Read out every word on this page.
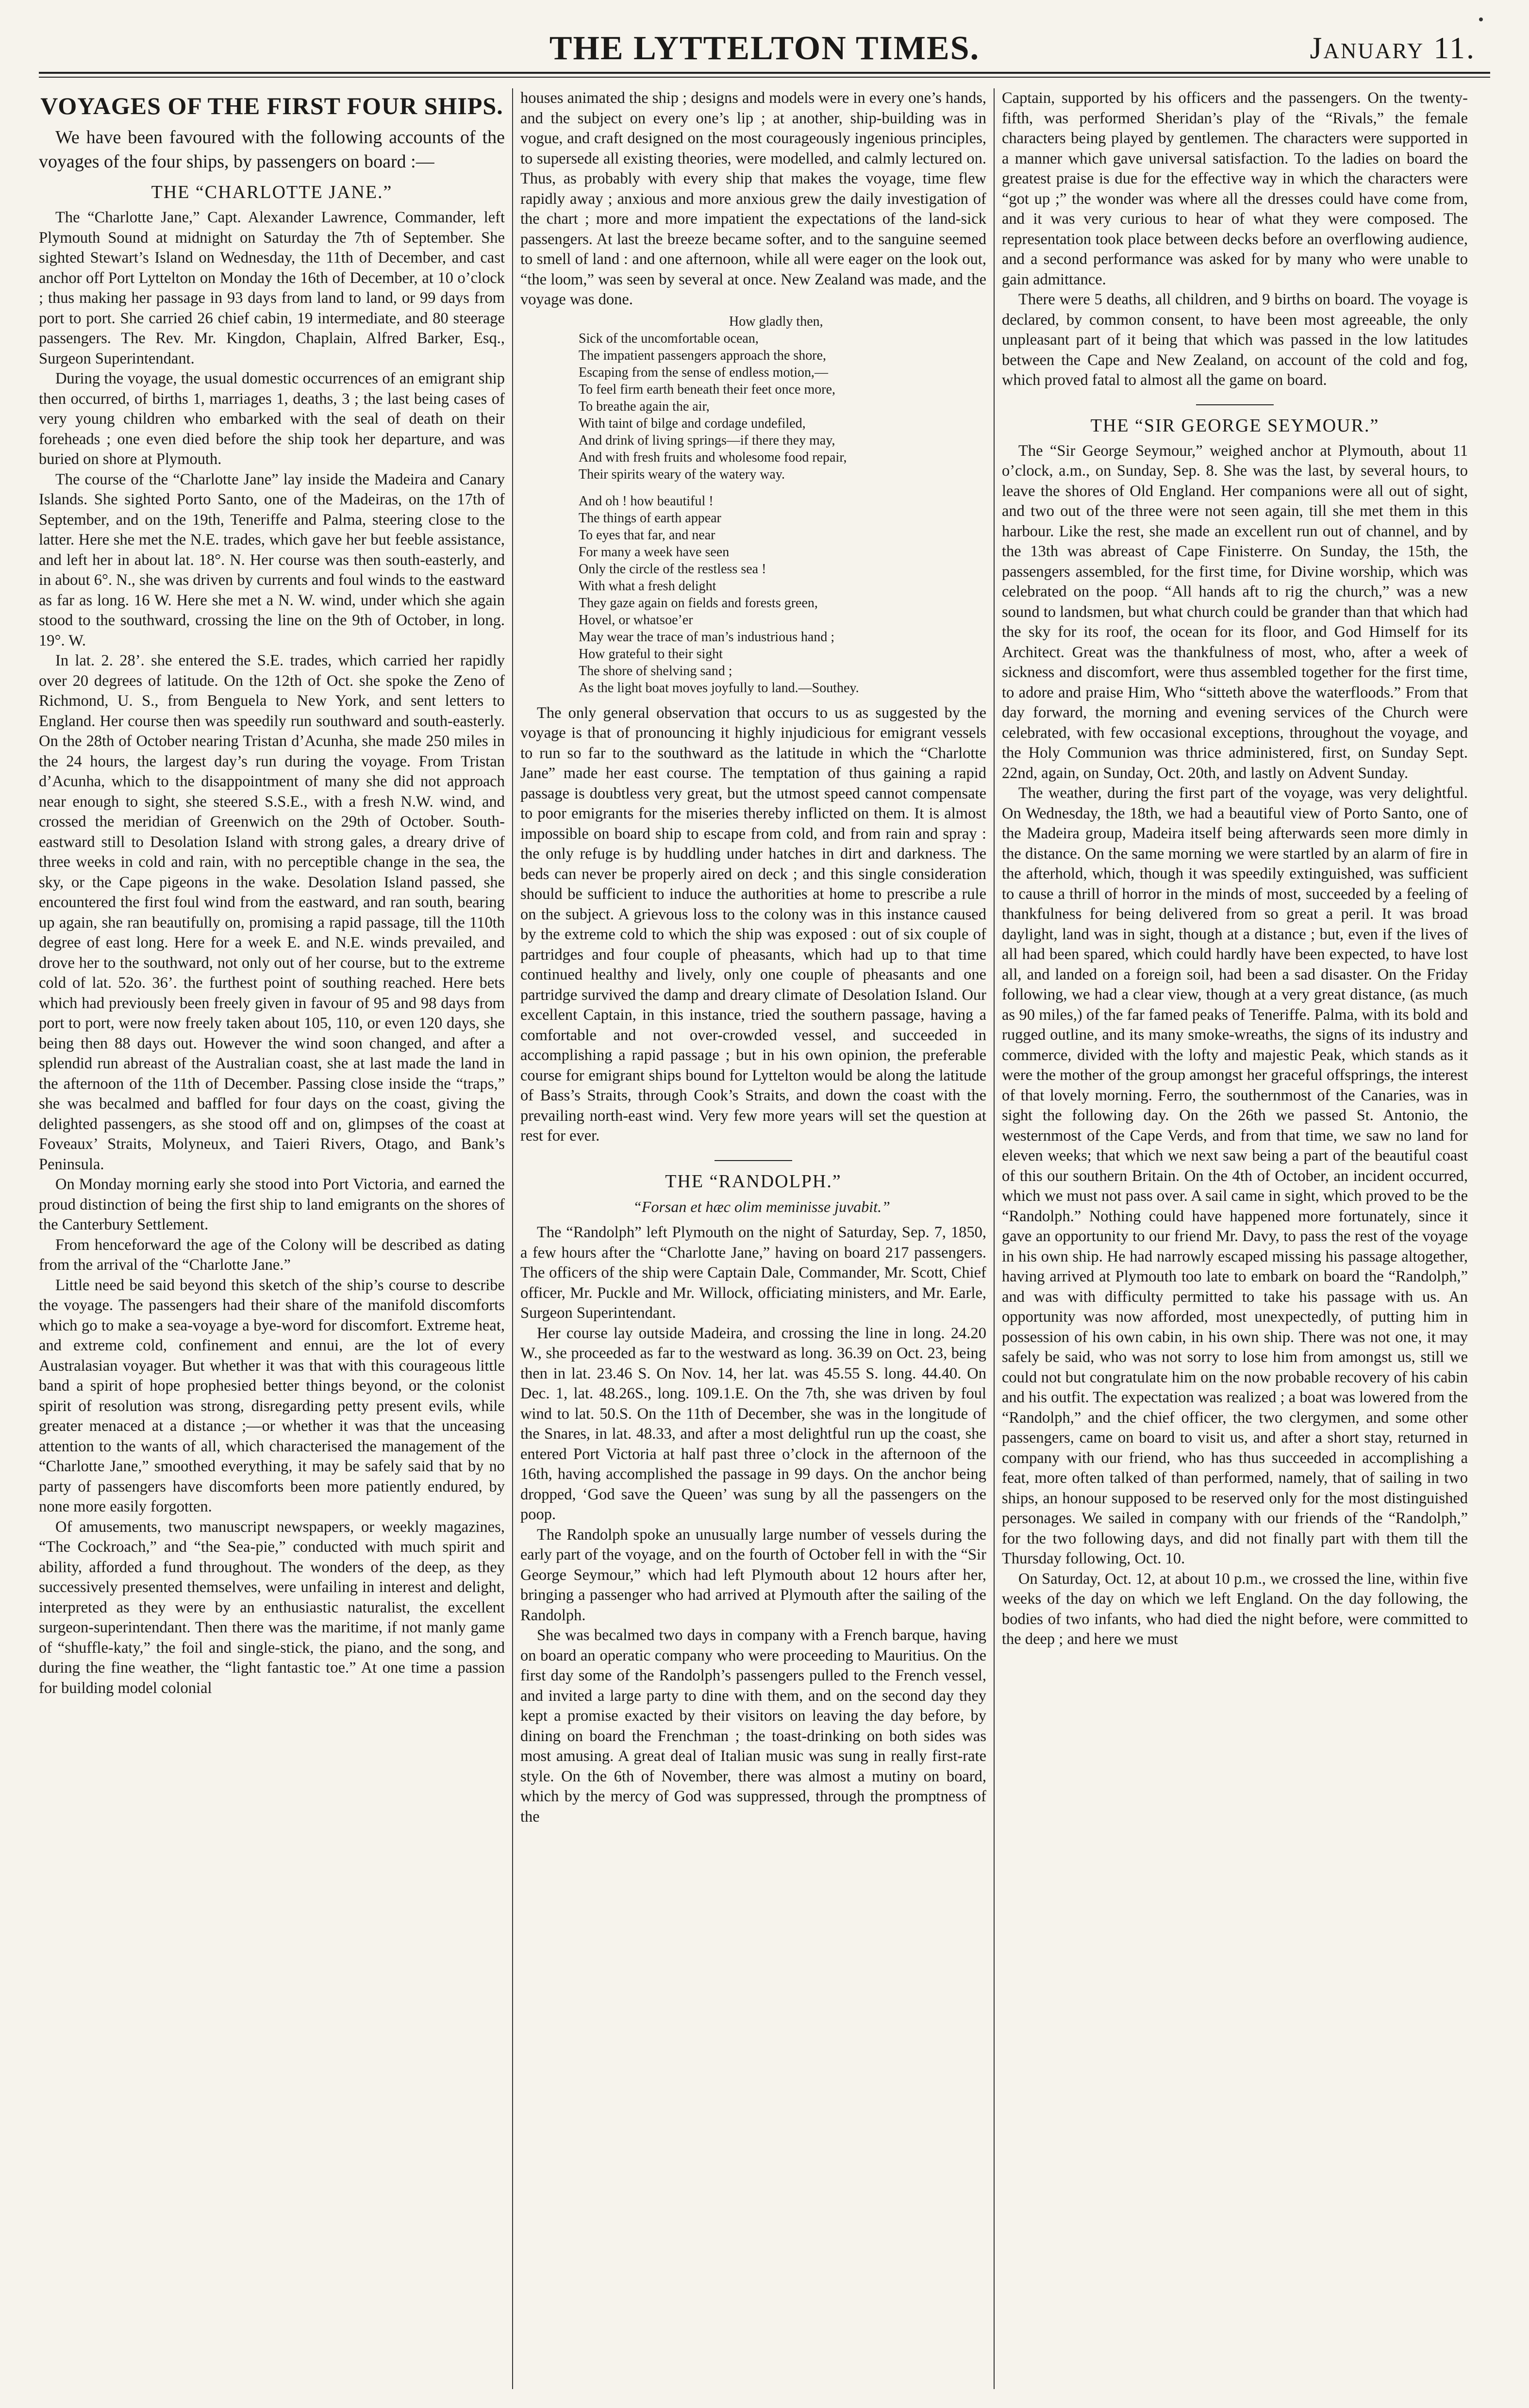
THE LYTTELTON TIMES.	January 11.
VOYAGES OF THE FIRST FOUR SHIPS.

We have been favoured with the following accounts of the voyages of the four ships, by passengers on board :—

THE “CHARLOTTE JANE.”

The “Charlotte Jane,” Capt. Alexander Lawrence, Commander, left Plymouth Sound at midnight on Saturday the 7th of September. She sighted Stewart’s Island on Wednesday, the 11th of December, and cast anchor off Port Lyttelton on Monday the 16th of December, at 10 o’clock ; thus making her passage in 93 days from land to land, or 99 days from port to port. She carried 26 chief cabin, 19 intermediate, and 80 steerage passengers. The Rev. Mr. Kingdon, Chaplain, Alfred Barker, Esq., Surgeon Superintendant.

During the voyage, the usual domestic occurrences of an emigrant ship then occurred, of births 1, marriages 1, deaths, 3 ; the last being cases of very young children who embarked with the seal of death on their foreheads ; one even died before the ship took her departure, and was buried on shore at Plymouth.

The course of the “Charlotte Jane” lay inside the Madeira and Canary Islands. She sighted Porto Santo, one of the Madeiras, on the 17th of September, and on the 19th, Teneriffe and Palma, steering close to the latter. Here she met the N.E. trades, which gave her but feeble assistance, and left her in about lat. 18°. N. Her course was then south-easterly, and in about 6°. N., she was driven by currents and foul winds to the eastward as far as long. 16 W. Here she met a N. W. wind, under which she again stood to the southward, crossing the line on the 9th of October, in long. 19°. W.

In lat. 2. 28’. she entered the S.E. trades, which carried her rapidly over 20 degrees of latitude. On the 12th of Oct. she spoke the Zeno of Richmond, U. S., from Benguela to New York, and sent letters to England. Her course then was speedily run southward and south-easterly. On the 28th of October nearing Tristan d’Acunha, she made 250 miles in the 24 hours, the largest day’s run during the voyage. From Tristan d’Acunha, which to the disappointment of many she did not approach near enough to sight, she steered S.S.E., with a fresh N.W. wind, and crossed the meridian of Greenwich on the 29th of October. South-eastward still to Desolation Island with strong gales, a dreary drive of three weeks in cold and rain, with no perceptible change in the sea, the sky, or the Cape pigeons in the wake. Desolation Island passed, she encountered the first foul wind from the eastward, and ran south, bearing up again, she ran beautifully on, promising a rapid passage, till the 110th degree of east long. Here for a week E. and N.E. winds prevailed, and drove her to the southward, not only out of her course, but to the extreme cold of lat. 52o. 36’. the furthest point of southing reached. Here bets which had previously been freely given in favour of 95 and 98 days from port to port, were now freely taken about 105, 110, or even 120 days, she being then 88 days out. However the wind soon changed, and after a splendid run abreast of the Australian coast, she at last made the land in the afternoon of the 11th of December. Passing close inside the “traps,” she was becalmed and baffled for four days on the coast, giving the delighted passengers, as she stood off and on, glimpses of the coast at Foveaux’ Straits, Molyneux, and Taieri Rivers, Otago, and Bank’s Peninsula.

On Monday morning early she stood into Port Victoria, and earned the proud distinction of being the first ship to land emigrants on the shores of the Canterbury Settlement.

From henceforward the age of the Colony will be described as dating from the arrival of the “Charlotte Jane.”

Little need be said beyond this sketch of the ship’s course to describe the voyage. The passengers had their share of the manifold discomforts which go to make a sea-voyage a bye-word for discomfort. Extreme heat, and extreme cold, confinement and ennui, are the lot of every Australasian voyager. But whether it was that with this courageous little band a spirit of hope prophesied better things beyond, or the colonist spirit of resolution was strong, disregarding petty present evils, while greater menaced at a distance ;—or whether it was that the unceasing attention to the wants of all, which characterised the management of the “Charlotte Jane,” smoothed everything, it may be safely said that by no party of passengers have discomforts been more patiently endured, by none more easily forgotten.

Of amusements, two manuscript newspapers, or weekly magazines, “The Cockroach,” and “the Sea-pie,” conducted with much spirit and ability, afforded a fund throughout. The wonders of the deep, as they successively presented themselves, were unfailing in interest and delight, interpreted as they were by an enthusiastic naturalist, the excellent surgeon-superintendant. Then there was the maritime, if not manly game of “shuffle-katy,” the foil and single-stick, the piano, and the song, and during the fine weather, the “light fantastic toe.” At one time a passion for building model colonial

houses animated the ship ; designs and models were in every one’s hands, and the subject on every one’s lip ; at another, ship-building was in vogue, and craft designed on the most courageously ingenious principles, to supersede all existing theories, were modelled, and calmly lectured on. Thus, as probably with every ship that makes the voyage, time flew rapidly away ; anxious and more anxious grew the daily investigation of the chart ; more and more impatient the expectations of the land-sick passengers. At last the breeze became softer, and to the sanguine seemed to smell of land : and one afternoon, while all were eager on the look out, “the loom,” was seen by several at once. New Zealand was made, and the voyage was done.

How gladly then,
Sick of the uncomfortable ocean,
The impatient passengers approach the shore,
Escaping from the sense of endless motion,—
To feel firm earth beneath their feet once more,
To breathe again the air,
With taint of bilge and cordage undefiled,
And drink of living springs—if there they may,
And with fresh fruits and wholesome food repair,
Their spirits weary of the watery way.
And oh ! how beautiful !
The things of earth appear
To eyes that far, and near
For many a week have seen
Only the circle of the restless sea !
With what a fresh delight
They gaze again on fields and forests green,
Hovel, or whatsoe’er
May wear the trace of man’s industrious hand ;
How grateful to their sight
The shore of shelving sand ;
As the light boat moves joyfully to land.—Southey.

The only general observation that occurs to us as suggested by the voyage is that of pronouncing it highly injudicious for emigrant vessels to run so far to the southward as the latitude in which the “Charlotte Jane” made her east course. The temptation of thus gaining a rapid passage is doubtless very great, but the utmost speed cannot compensate to poor emigrants for the miseries thereby inflicted on them. It is almost impossible on board ship to escape from cold, and from rain and spray : the only refuge is by huddling under hatches in dirt and darkness. The beds can never be properly aired on deck ; and this single consideration should be sufficient to induce the authorities at home to prescribe a rule on the subject. A grievous loss to the colony was in this instance caused by the extreme cold to which the ship was exposed : out of six couple of partridges and four couple of pheasants, which had up to that time continued healthy and lively, only one couple of pheasants and one partridge survived the damp and dreary climate of Desolation Island. Our excellent Captain, in this instance, tried the southern passage, having a comfortable and not over-crowded vessel, and succeeded in accomplishing a rapid passage ; but in his own opinion, the preferable course for emigrant ships bound for Lyttelton would be along the latitude of Bass’s Straits, through Cook’s Straits, and down the coast with the prevailing north-east wind. Very few more years will set the question at rest for ever.

THE “RANDOLPH.”

“Forsan et hæc olim meminisse juvabit.”

The “Randolph” left Plymouth on the night of Saturday, Sep. 7, 1850, a few hours after the “Charlotte Jane,” having on board 217 passengers. The officers of the ship were Captain Dale, Commander, Mr. Scott, Chief officer, Mr. Puckle and Mr. Willock, officiating ministers, and Mr. Earle, Surgeon Superintendant.

Her course lay outside Madeira, and crossing the line in long. 24.20 W., she proceeded as far to the westward as long. 36.39 on Oct. 23, being then in lat. 23.46 S. On Nov. 14, her lat. was 45.55 S. long. 44.40. On Dec. 1, lat. 48.26S., long. 109.1.E. On the 7th, she was driven by foul wind to lat. 50.S. On the 11th of December, she was in the longitude of the Snares, in lat. 48.33, and after a most delightful run up the coast, she entered Port Victoria at half past three o’clock in the afternoon of the 16th, having accomplished the passage in 99 days. On the anchor being dropped, ‘God save the Queen’ was sung by all the passengers on the poop.

The Randolph spoke an unusually large number of vessels during the early part of the voyage, and on the fourth of October fell in with the “Sir George Seymour,” which had left Plymouth about 12 hours after her, bringing a passenger who had arrived at Plymouth after the sailing of the Randolph.

She was becalmed two days in company with a French barque, having on board an operatic company who were proceeding to Mauritius. On the first day some of the Randolph’s passengers pulled to the French vessel, and invited a large party to dine with them, and on the second day they kept a promise exacted by their visitors on leaving the day before, by dining on board the Frenchman ; the toast-drinking on both sides was most amusing. A great deal of Italian music was sung in really first-rate style. On the 6th of November, there was almost a mutiny on board, which by the mercy of God was suppressed, through the promptness of the

Captain, supported by his officers and the passengers. On the twenty-fifth, was performed Sheridan’s play of the “Rivals,” the female characters being played by gentlemen. The characters were supported in a manner which gave universal satisfaction. To the ladies on board the greatest praise is due for the effective way in which the characters were “got up ;” the wonder was where all the dresses could have come from, and it was very curious to hear of what they were composed. The representation took place between decks before an overflowing audience, and a second performance was asked for by many who were unable to gain admittance.

There were 5 deaths, all children, and 9 births on board. The voyage is declared, by common consent, to have been most agreeable, the only unpleasant part of it being that which was passed in the low latitudes between the Cape and New Zealand, on account of the cold and fog, which proved fatal to almost all the game on board.

THE “SIR GEORGE SEYMOUR.”

The “Sir George Seymour,” weighed anchor at Plymouth, about 11 o’clock, a.m., on Sunday, Sep. 8. She was the last, by several hours, to leave the shores of Old England. Her companions were all out of sight, and two out of the three were not seen again, till she met them in this harbour. Like the rest, she made an excellent run out of channel, and by the 13th was abreast of Cape Finisterre. On Sunday, the 15th, the passengers assembled, for the first time, for Divine worship, which was celebrated on the poop. “All hands aft to rig the church,” was a new sound to landsmen, but what church could be grander than that which had the sky for its roof, the ocean for its floor, and God Himself for its Architect. Great was the thankfulness of most, who, after a week of sickness and discomfort, were thus assembled together for the first time, to adore and praise Him, Who “sitteth above the waterfloods.” From that day forward, the morning and evening services of the Church were celebrated, with few occasional exceptions, throughout the voyage, and the Holy Communion was thrice administered, first, on Sunday Sept. 22nd, again, on Sunday, Oct. 20th, and lastly on Advent Sunday.

The weather, during the first part of the voyage, was very delightful. On Wednesday, the 18th, we had a beautiful view of Porto Santo, one of the Madeira group, Madeira itself being afterwards seen more dimly in the distance. On the same morning we were startled by an alarm of fire in the afterhold, which, though it was speedily extinguished, was sufficient to cause a thrill of horror in the minds of most, succeeded by a feeling of thankfulness for being delivered from so great a peril. It was broad daylight, land was in sight, though at a distance ; but, even if the lives of all had been spared, which could hardly have been expected, to have lost all, and landed on a foreign soil, had been a sad disaster. On the Friday following, we had a clear view, though at a very great distance, (as much as 90 miles,) of the far famed peaks of Teneriffe. Palma, with its bold and rugged outline, and its many smoke-wreaths, the signs of its industry and commerce, divided with the lofty and majestic Peak, which stands as it were the mother of the group amongst her graceful offsprings, the interest of that lovely morning. Ferro, the southernmost of the Canaries, was in sight the following day. On the 26th we passed St. Antonio, the westernmost of the Cape Verds, and from that time, we saw no land for eleven weeks; that which we next saw being a part of the beautiful coast of this our southern Britain. On the 4th of October, an incident occurred, which we must not pass over. A sail came in sight, which proved to be the “Randolph.” Nothing could have happened more fortunately, since it gave an opportunity to our friend Mr. Davy, to pass the rest of the voyage in his own ship. He had narrowly escaped missing his passage altogether, having arrived at Plymouth too late to embark on board the “Randolph,” and was with difficulty permitted to take his passage with us. An opportunity was now afforded, most unexpectedly, of putting him in possession of his own cabin, in his own ship. There was not one, it may safely be said, who was not sorry to lose him from amongst us, still we could not but congratulate him on the now probable recovery of his cabin and his outfit. The expectation was realized ; a boat was lowered from the “Randolph,” and the chief officer, the two clergymen, and some other passengers, came on board to visit us, and after a short stay, returned in company with our friend, who has thus succeeded in accomplishing a feat, more often talked of than performed, namely, that of sailing in two ships, an honour supposed to be reserved only for the most distinguished personages. We sailed in company with our friends of the “Randolph,” for the two following days, and did not finally part with them till the Thursday following, Oct. 10.

On Saturday, Oct. 12, at about 10 p.m., we crossed the line, within five weeks of the day on which we left England. On the day following, the bodies of two infants, who had died the night before, were committed to the deep ; and here we must
